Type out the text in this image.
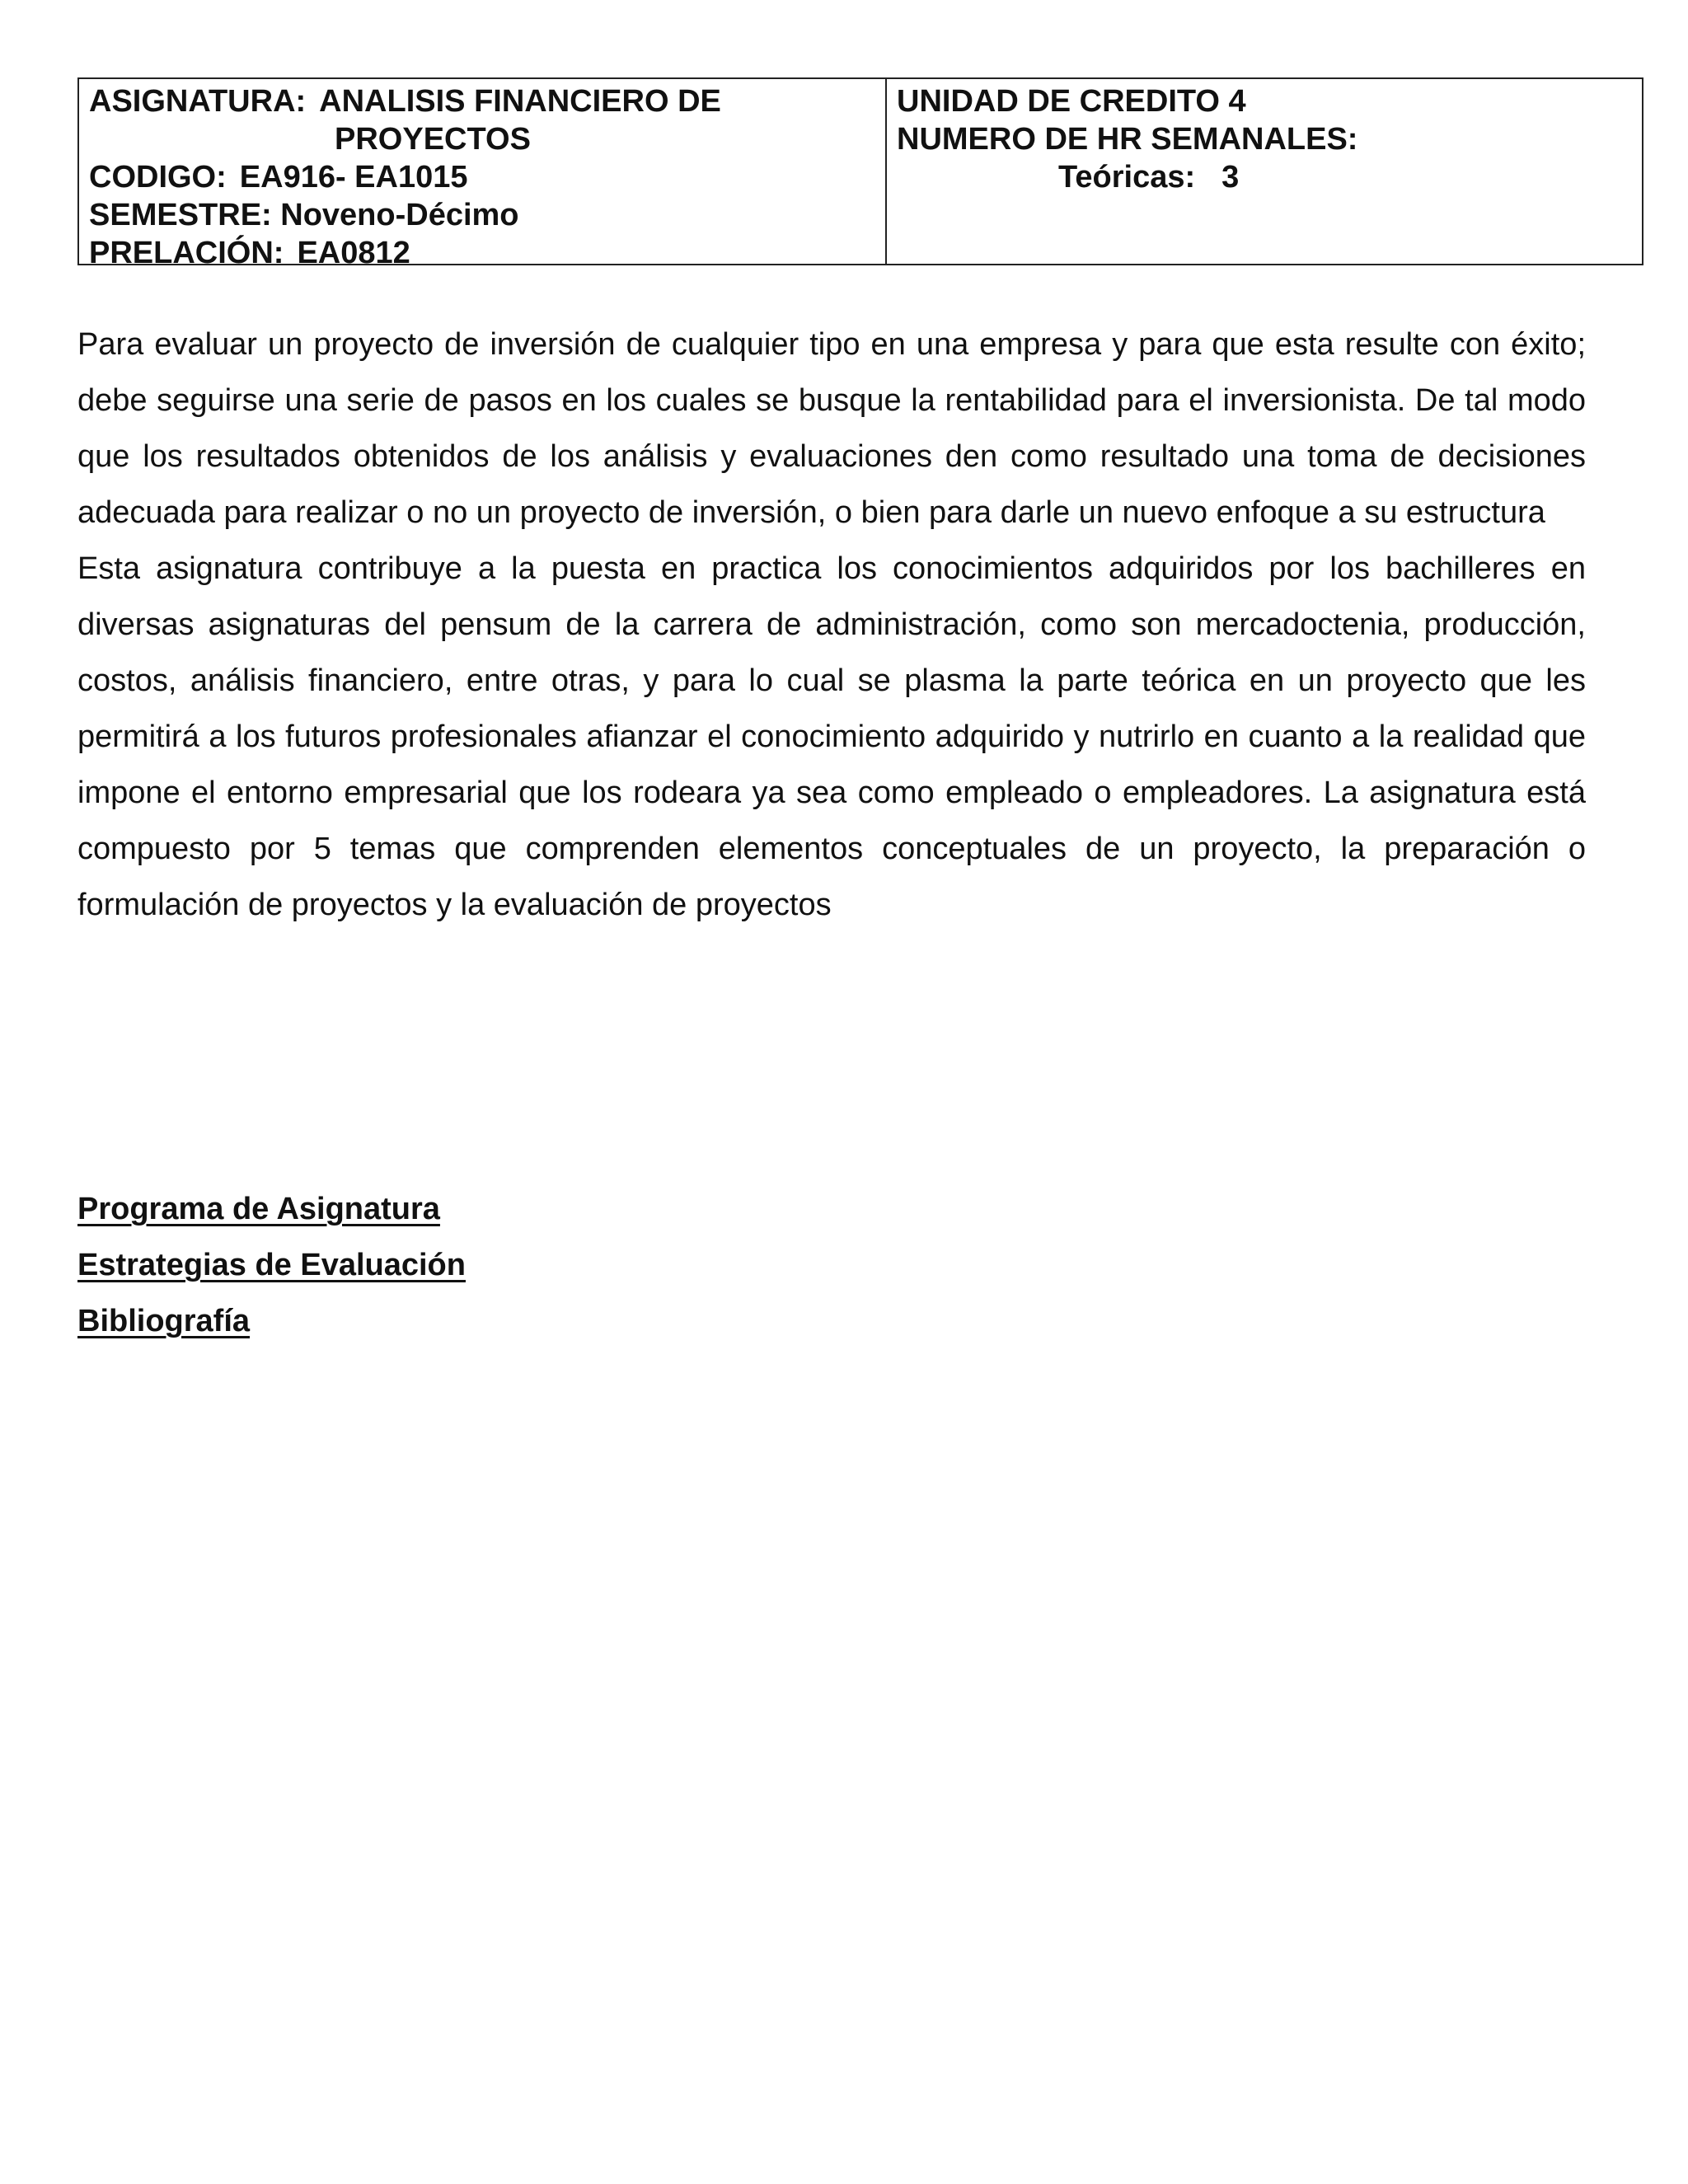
ASIGNATURA: ANALISIS FINANCIERO DE
PROYECTOS
CODIGO: EA916- EA1015
SEMESTRE: Noveno-Décimo
PRELACIÓN: EA0812
UNIDAD DE CREDITO 4
NUMERO DE HR SEMANALES:
Teóricas: 3

Para evaluar un proyecto de inversión de cualquier tipo en una empresa y para que esta resulte con éxito; debe seguirse una serie de pasos en los cuales se busque la rentabilidad para el inversionista. De tal modo que los resultados obtenidos de los análisis y evaluaciones den como resultado una toma de decisiones adecuada para realizar o no un proyecto de inversión, o bien para darle un nuevo enfoque a su estructura

Esta asignatura contribuye a la puesta en practica los conocimientos adquiridos por los bachilleres en diversas asignaturas del pensum de la carrera de administración, como son mercadoctenia, producción, costos, análisis financiero, entre otras, y para lo cual se plasma la parte teórica en un proyecto que les permitirá a los futuros profesionales afianzar el conocimiento adquirido y nutrirlo en cuanto a la realidad que impone el entorno empresarial que los rodeara ya sea como empleado o empleadores. La asignatura está compuesto por 5 temas que comprenden elementos conceptuales de un proyecto, la preparación o formulación de proyectos y la evaluación de proyectos

Programa de Asignatura
Estrategias de Evaluación
Bibliografía
